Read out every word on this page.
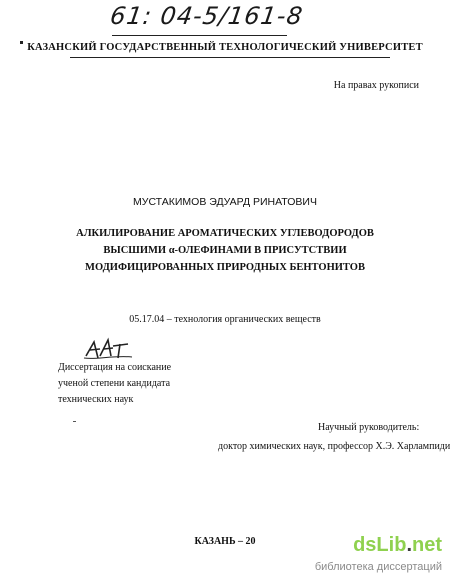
61: 04-5/161-8
КАЗАНСКИЙ ГОСУДАРСТВЕННЫЙ ТЕХНОЛОГИЧЕСКИЙ УНИВЕРСИТЕТ
На правах рукописи
МУСТАКИМОВ ЭДУАРД РИНАТОВИЧ
АЛКИЛИРОВАНИЕ АРОМАТИЧЕСКИХ УГЛЕВОДОРОДОВ
ВЫСШИМИ α-ОЛЕФИНАМИ В ПРИСУТСТВИИ
МОДИФИЦИРОВАННЫХ ПРИРОДНЫХ БЕНТОНИТОВ
05.17.04 – технология органических веществ
Диссертация на соискание
ученой степени кандидата
технических наук
Научный руководитель:
доктор химических наук, профессор Х.Э. Харлампиди
КАЗАНЬ – 20	dsLib.net
библиотека диссертаций
